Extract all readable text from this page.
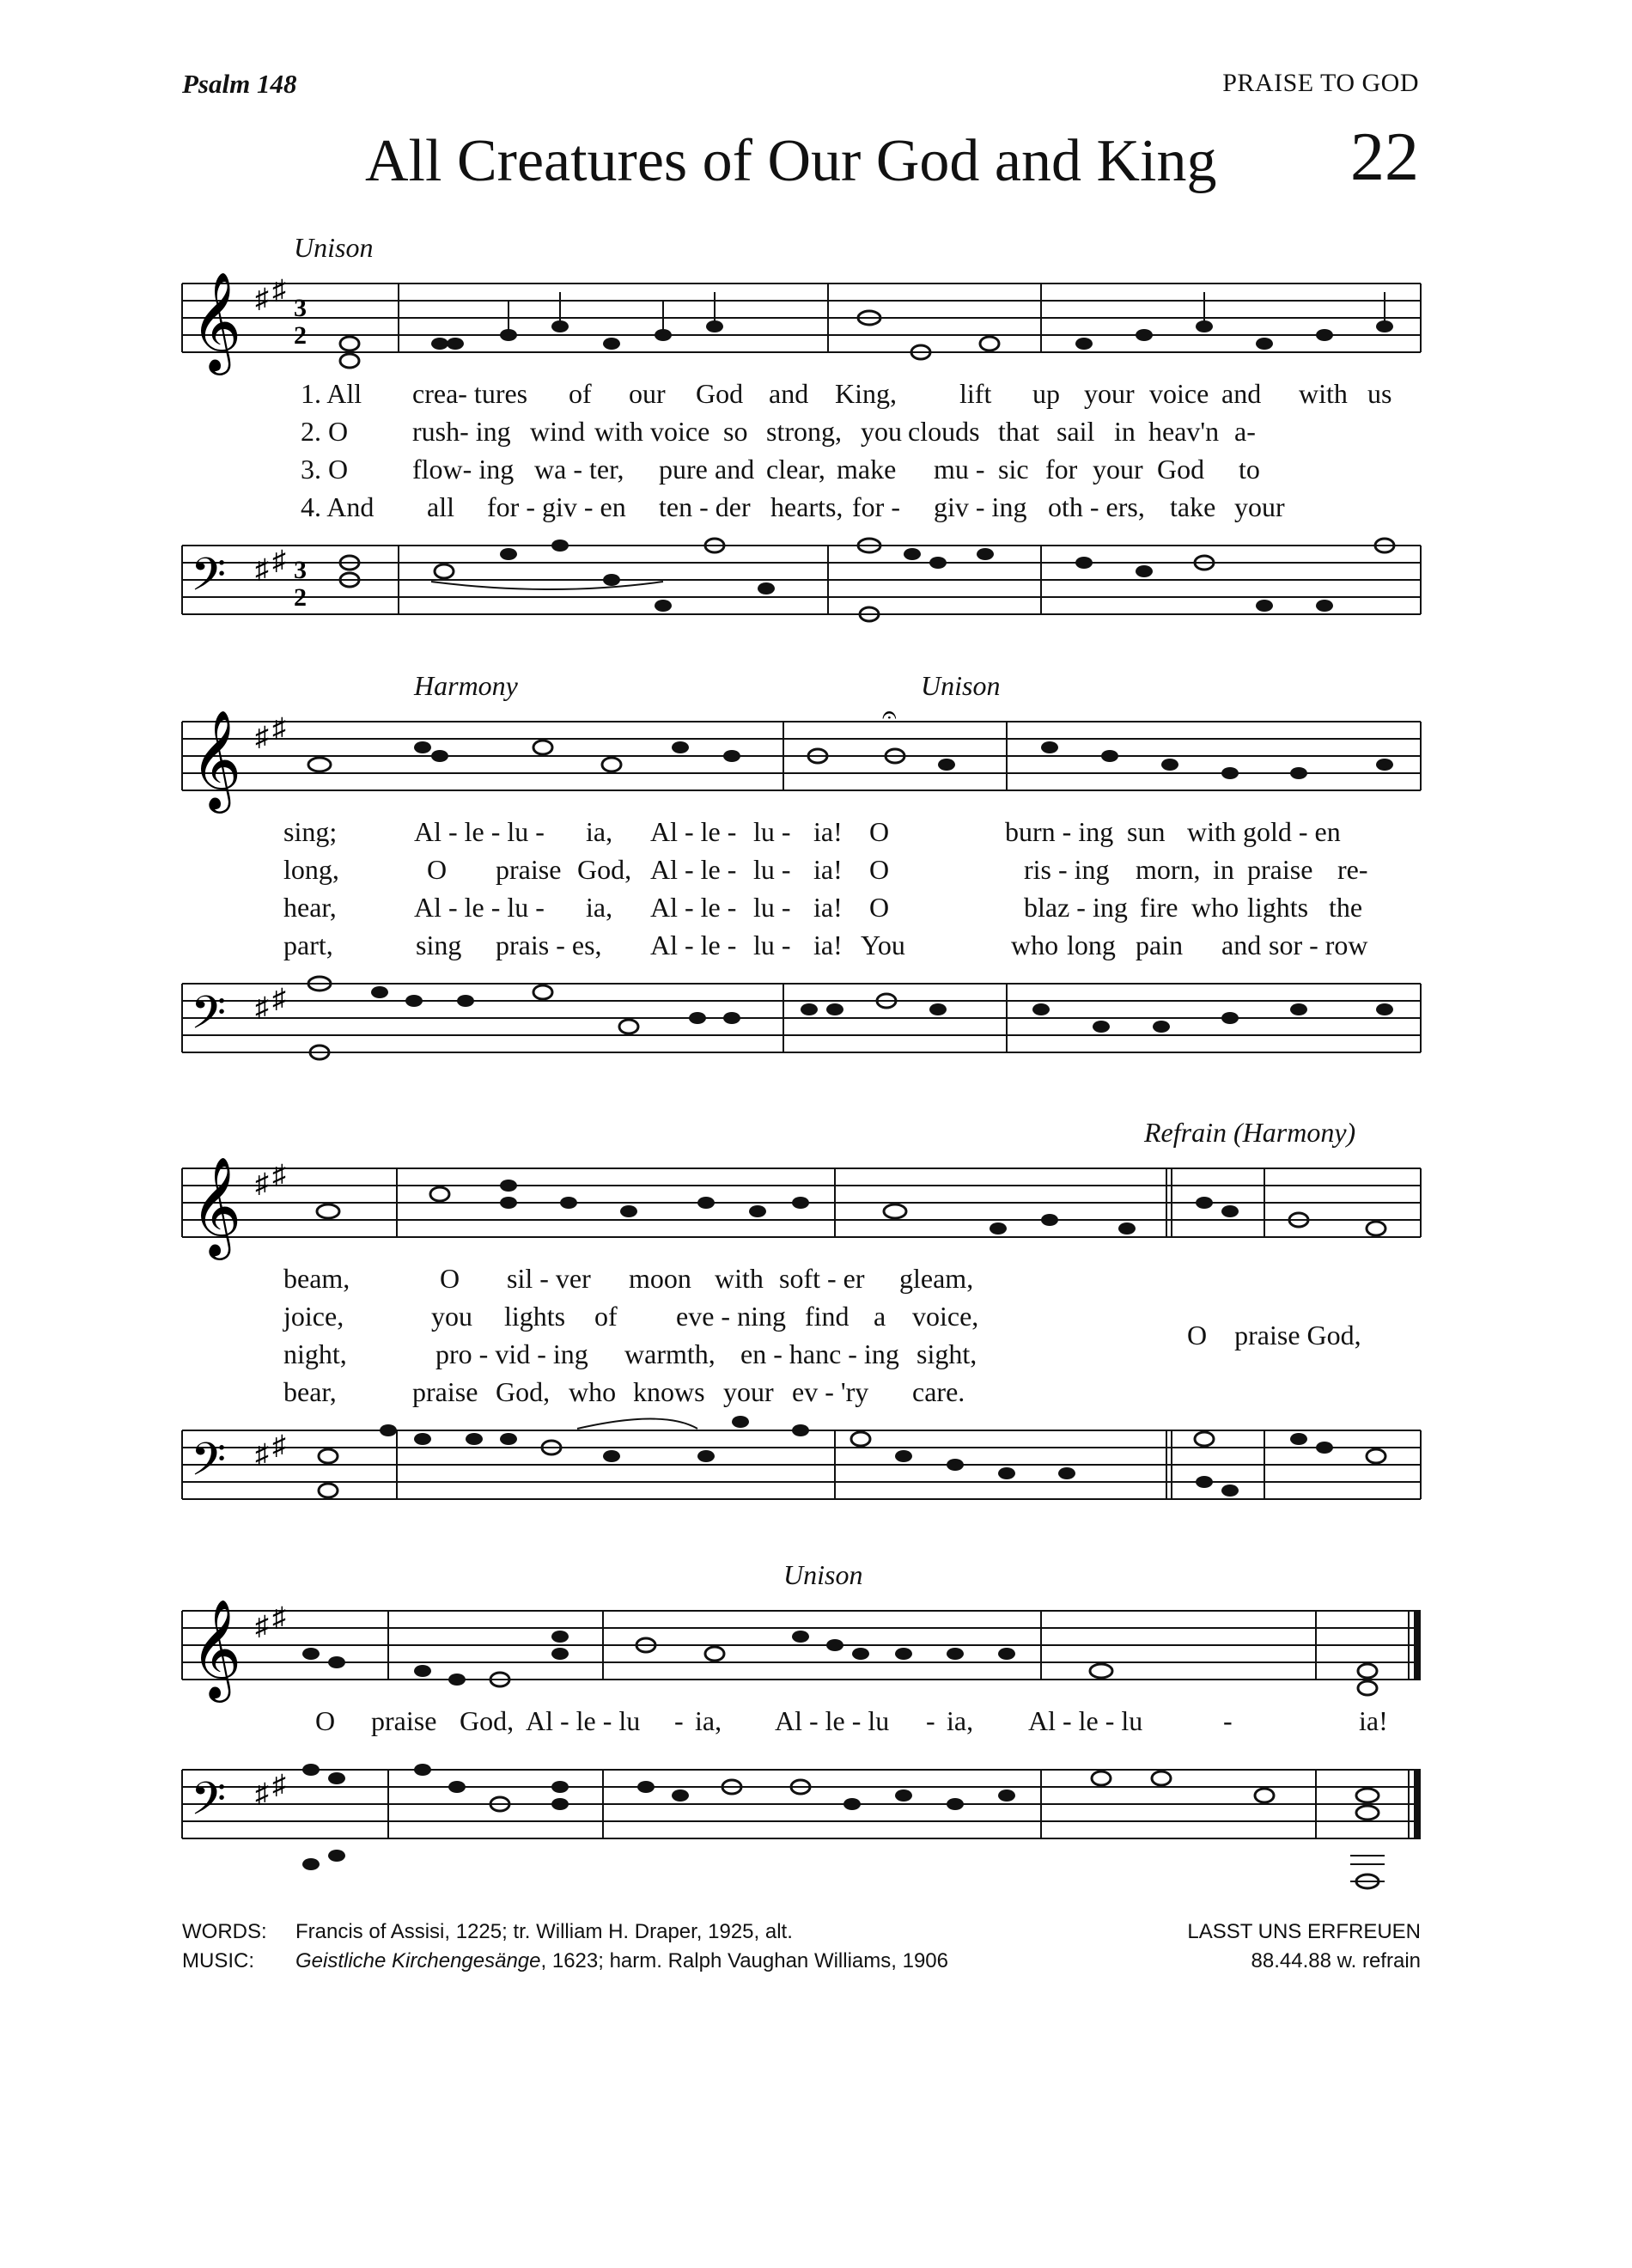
Psalm 148	PRAISE TO GOD
All Creatures of Our God and King 22
Unison
𝄞 ♯ ♯
3
2
1. All crea- tures of our God and King, lift up your voice and with us
2. O rush- ing wind with voice so strong, you clouds that sail in heav'n a-
3. O flow- ing wa - ter, pure and clear, make mu - sic for your God to
4. And all for - giv - en ten - der hearts, for - giv - ing oth - ers, take your
𝄢 ♯ ♯ 3
2
Harmony	Unison
𝄞 ♯ ♯	𝄐
sing;	Al - le - lu - ia, Al - le - lu - ia! O	burn - ing sun with gold - en
long,	O praise God, Al - le - lu - ia! O	ris - ing morn, in praise re-
hear,	Al - le - lu - ia, Al - le - lu - ia! O	blaz - ing fire who lights the
part,	sing prais - es, Al - le - lu - ia! You	who long pain and sor - row
𝄢 ♯ ♯
Refrain (Harmony)
𝄞 ♯ ♯
beam,	O sil - ver moon with soft - er gleam,
joice,	you lights of eve - ning find a voice,
night,	pro - vid - ing warmth, en - hanc - ing sight,
bear,	praise God, who knows your ev - 'ry care.
O    praise God,
𝄢 ♯ ♯
Unison
𝄞 ♯ ♯
O praise God, Al - le - lu - ia, Al - le - lu - ia, Al - le - lu	-	ia!
𝄢 ♯ ♯
WORDS: Francis of Assisi, 1225; tr. William H. Draper, 1925, alt.
MUSIC: Geistliche Kirchengesänge, 1623; harm. Ralph Vaughan Williams, 1906
LASST UNS ERFREUEN
88.44.88 w. refrain
